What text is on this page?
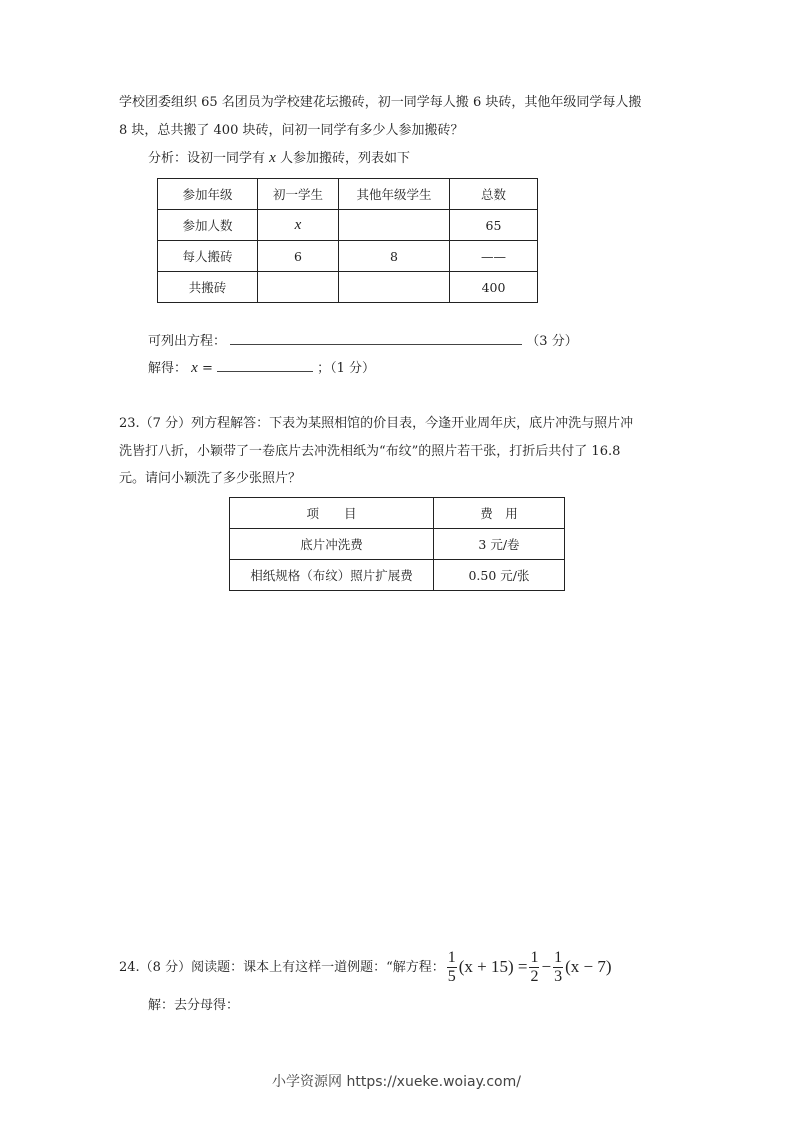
学校团委组织 65 名团员为学校建花坛搬砖，初一同学每人搬 6 块砖，其他年级同学每人搬
8 块，总共搬了 400 块砖，问初一同学有多少人参加搬砖？
分析：设初一同学有 x 人参加搬砖，列表如下
参加年级	初一学生	其他年级学生	总数
参加人数	x		65
每人搬砖	6	8	——
共搬砖			400
可列出方程：	（3 分）
解得： x =	；（1 分）
23.（7 分）列方程解答：下表为某照相馆的价目表，今逢开业周年庆，底片冲洗与照片冲
洗皆打八折，小颖带了一卷底片去冲洗相纸为“布纹”的照片若干张，打折后共付了 16.8
元。请问小颖洗了多少张照片？
项　　目	费　用
底片冲洗费	3 元/卷
相纸规格（布纹）照片扩展费	0.50 元/张
24.（8 分）阅读题：课本上有这样一道例题：“解方程： $\frac{1}{5} (x + 15) = \frac{1}{2} - \frac{1}{3} (x - 7)$
解：去分母得：
小学资源网 https://xueke.woiay.com/
